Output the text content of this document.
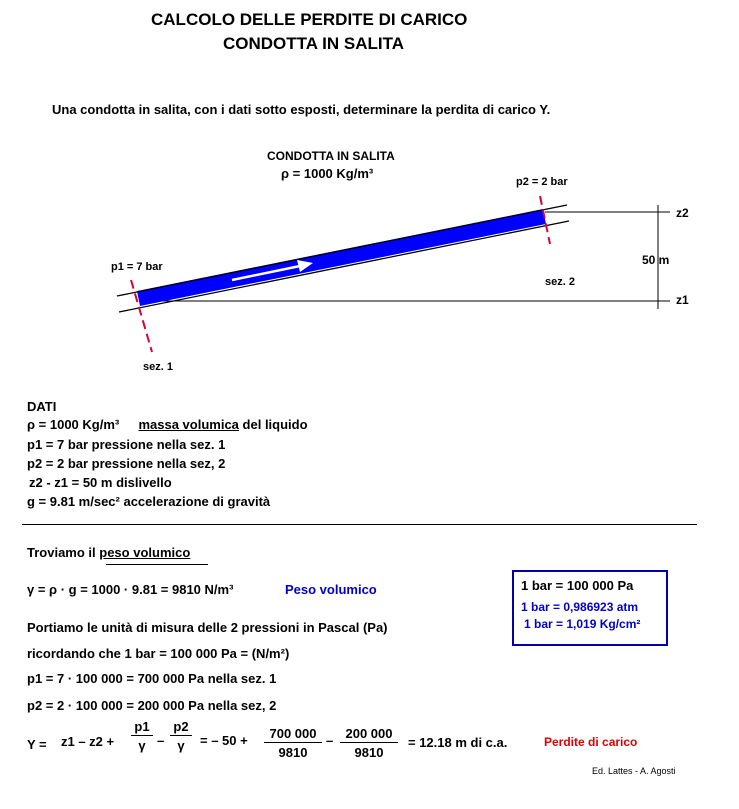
CALCOLO DELLE PERDITE DI CARICO
CONDOTTA IN SALITA
Una condotta in salita, con i dati sotto esposti, determinare la perdita di carico Y.
CONDOTTA IN SALITA
ρ = 1000 Kg/m³
p1 = 7 bar
p2 = 2 bar
sez. 1
sez. 2
z2
z1
50 m
DATI
ρ = 1000 Kg/m³ massa volumica del liquido
p1 = 7 bar pressione nella sez. 1
p2 = 2 bar pressione nella sez, 2
z2 - z1 = 50 m dislivello
g = 9.81 m/sec² accelerazione di gravità
Troviamo il peso volumico
γ = ρ · g = 1000 · 9.81 = 9810 N/m³	Peso volumico	1 bar = 100 000 Pa
1 bar = 0,986923 atm
1 bar = 1,019 Kg/cm²
Portiamo le unità di misura delle 2 pressioni in Pascal (Pa)
ricordando che 1 bar = 100 000 Pa = (N/m²)
p1 = 7 · 100 000 = 700 000 Pa nella sez. 1
p2 = 2 · 100 000 = 200 000 Pa nella sez, 2
$Y = z1 - z2 + \frac{p1}{\gamma} - \frac{p2}{\gamma}$ = – $50 + \frac{700 000}{9810} - \frac{200 000}{9810} = 12.18$ m di c.a.	Perdite di carico
Ed. Lattes - A. Agosti
